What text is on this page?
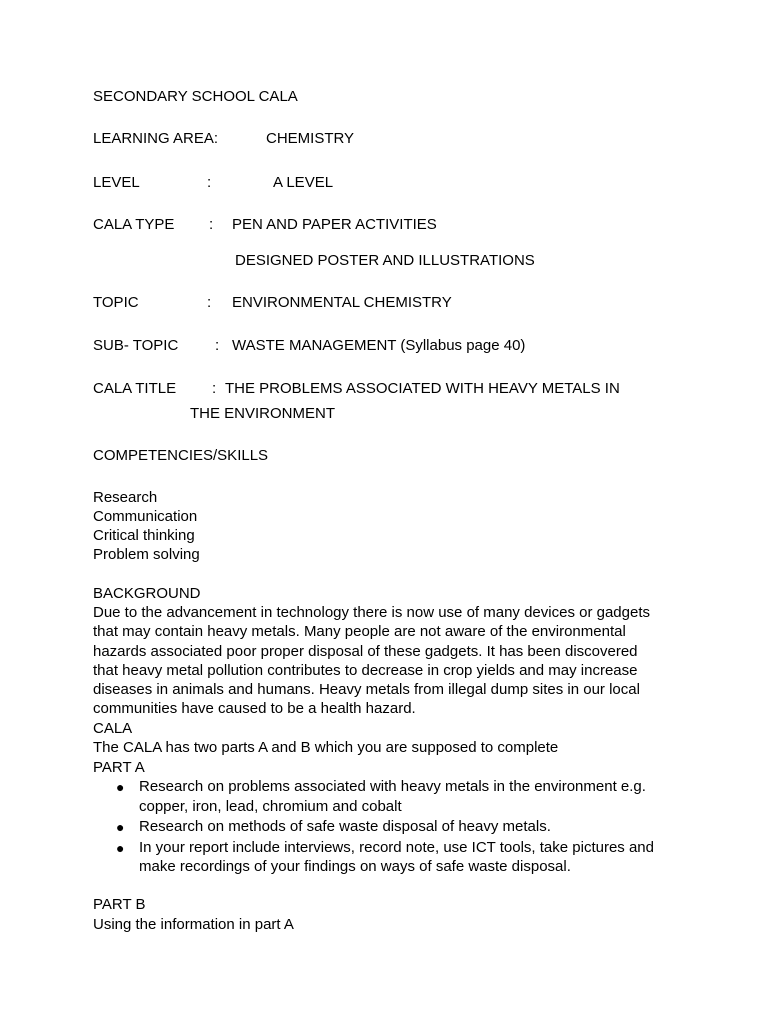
SECONDARY SCHOOL CALA
LEARNING AREA:	CHEMISTRY
LEVEL	:	A LEVEL
CALA TYPE : PEN AND PAPER ACTIVITIES
DESIGNED POSTER AND ILLUSTRATIONS
TOPIC	: ENVIRONMENTAL CHEMISTRY
SUB- TOPIC : WASTE MANAGEMENT (Syllabus page 40)
CALA TITLE : THE PROBLEMS ASSOCIATED WITH HEAVY METALS IN
THE ENVIRONMENT
COMPETENCIES/SKILLS
Research
Communication
Critical thinking
Problem solving
BACKGROUND
Due to the advancement in technology there is now use of many devices or gadgets
that may contain heavy metals. Many people are not aware of the environmental
hazards associated poor proper disposal of these gadgets. It has been discovered
that heavy metal pollution contributes to decrease in crop yields and may increase
diseases in animals and humans. Heavy metals from illegal dump sites in our local
communities have caused to be a health hazard.
CALA
The CALA has two parts A and B which you are supposed to complete
PART A
● Research on problems associated with heavy metals in the environment e.g.
copper, iron, lead, chromium and cobalt
● Research on methods of safe waste disposal of heavy metals.
● In your report include interviews, record note, use ICT tools, take pictures and
make recordings of your findings on ways of safe waste disposal.
PART B
Using the information in part A
